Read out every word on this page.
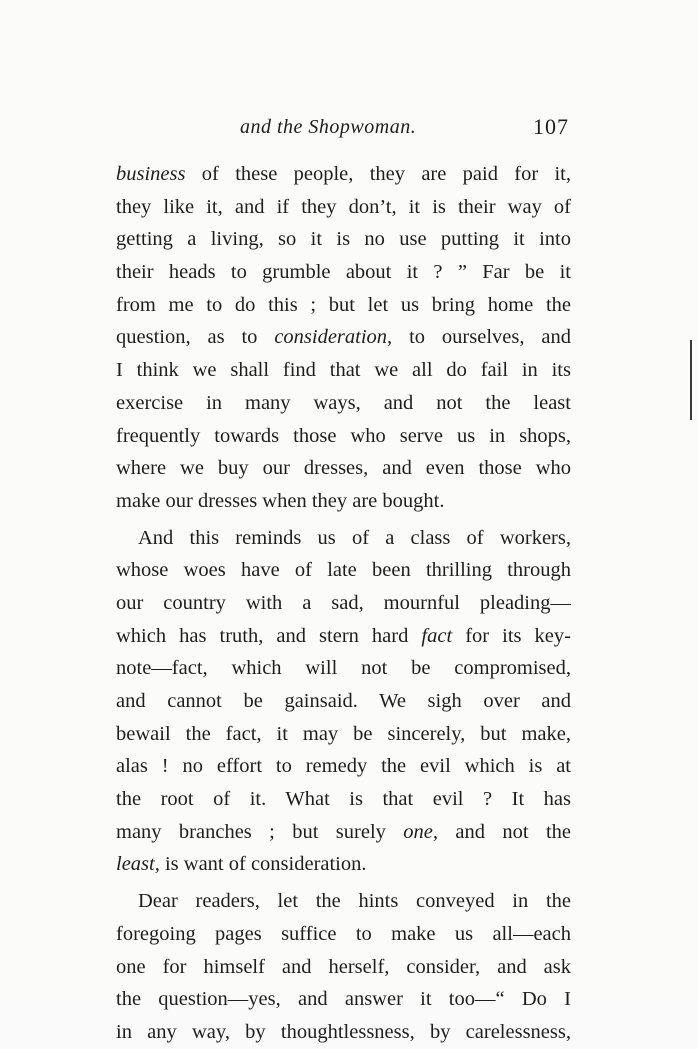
and the Shopwoman.	107
business of these people, they are paid for it,
they like it, and if they don’t, it is their way of
getting a living, so it is no use putting it into
their heads to grumble about it ? ” Far be it
from me to do this ; but let us bring home the
question, as to consideration, to ourselves, and
I think we shall find that we all do fail in its
exercise in many ways, and not the least
frequently towards those who serve us in shops,
where we buy our dresses, and even those who
make our dresses when they are bought.
And this reminds us of a class of workers,
whose woes have of late been thrilling through
our country with a sad, mournful pleading—
which has truth, and stern hard fact for its key-
note—fact, which will not be compromised,
and cannot be gainsaid. We sigh over and
bewail the fact, it may be sincerely, but make,
alas ! no effort to remedy the evil which is at
the root of it. What is that evil ? It has
many branches ; but surely one, and not the
least, is want of consideration.
Dear readers, let the hints conveyed in the
foregoing pages suffice to make us all—each
one for himself and herself, consider, and ask
the question—yes, and answer it too—“ Do I
in any way, by thoughtlessness, by carelessness,
